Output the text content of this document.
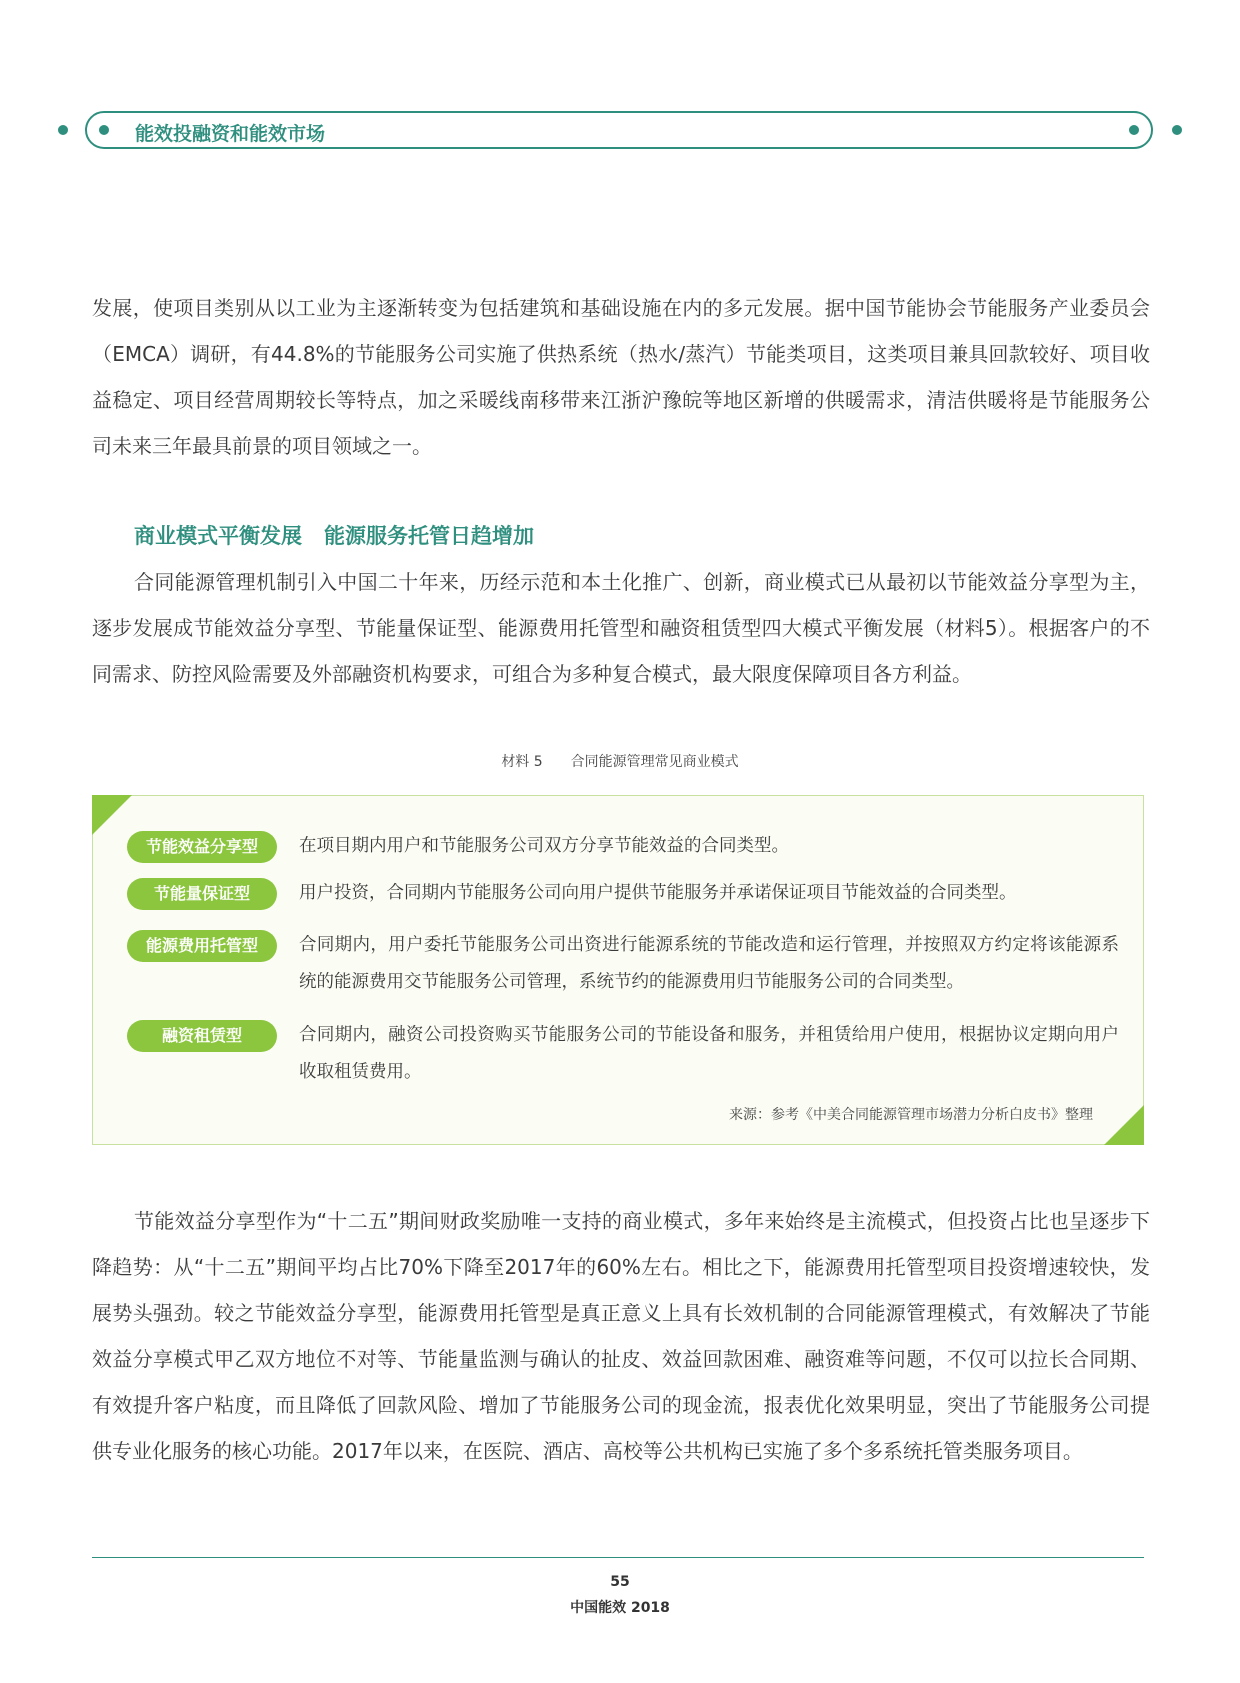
能效投融资和能效市场

发展，使项目类别从以工业为主逐渐转变为包括建筑和基础设施在内的多元发展。据中国节能协会节能服务产业委员会（EMCA）调研，有44.8%的节能服务公司实施了供热系统（热水/蒸汽）节能类项目，这类项目兼具回款较好、项目收益稳定、项目经营周期较长等特点，加之采暖线南移带来江浙沪豫皖等地区新增的供暖需求，清洁供暖将是节能服务公司未来三年最具前景的项目领域之一。

商业模式平衡发展 能源服务托管日趋增加

合同能源管理机制引入中国二十年来，历经示范和本土化推广、创新，商业模式已从最初以节能效益分享型为主，逐步发展成节能效益分享型、节能量保证型、能源费用托管型和融资租赁型四大模式平衡发展（材料5）。根据客户的不同需求、防控风险需要及外部融资机构要求，可组合为多种复合模式，最大限度保障项目各方利益。

材料 5 合同能源管理常见商业模式
节能效益分享型	在项目期内用户和节能服务公司双方分享节能效益的合同类型。

节能量保证型	用户投资，合同期内节能服务公司向用户提供节能服务并承诺保证项目节能效益的合同类型。

能源费用托管型	合同期内，用户委托节能服务公司出资进行能源系统的节能改造和运行管理，并按照双方约定将该能源系统的能源费用交节能服务公司管理，系统节约的能源费用归节能服务公司的合同类型。

融资租赁型	合同期内，融资公司投资购买节能服务公司的节能设备和服务，并租赁给用户使用，根据协议定期向用户收取租赁费用。

来源：参考《中美合同能源管理市场潜力分析白皮书》整理

节能效益分享型作为“十二五”期间财政奖励唯一支持的商业模式，多年来始终是主流模式，但投资占比也呈逐步下降趋势：从“十二五”期间平均占比70%下降至2017年的60%左右。相比之下，能源费用托管型项目投资增速较快，发展势头强劲。较之节能效益分享型，能源费用托管型是真正意义上具有长效机制的合同能源管理模式，有效解决了节能效益分享模式甲乙双方地位不对等、节能量监测与确认的扯皮、效益回款困难、融资难等问题，不仅可以拉长合同期、有效提升客户粘度，而且降低了回款风险、增加了节能服务公司的现金流，报表优化效果明显，突出了节能服务公司提供专业化服务的核心功能。2017年以来，在医院、酒店、高校等公共机构已实施了多个多系统托管类服务项目。

55
中国能效 2018
